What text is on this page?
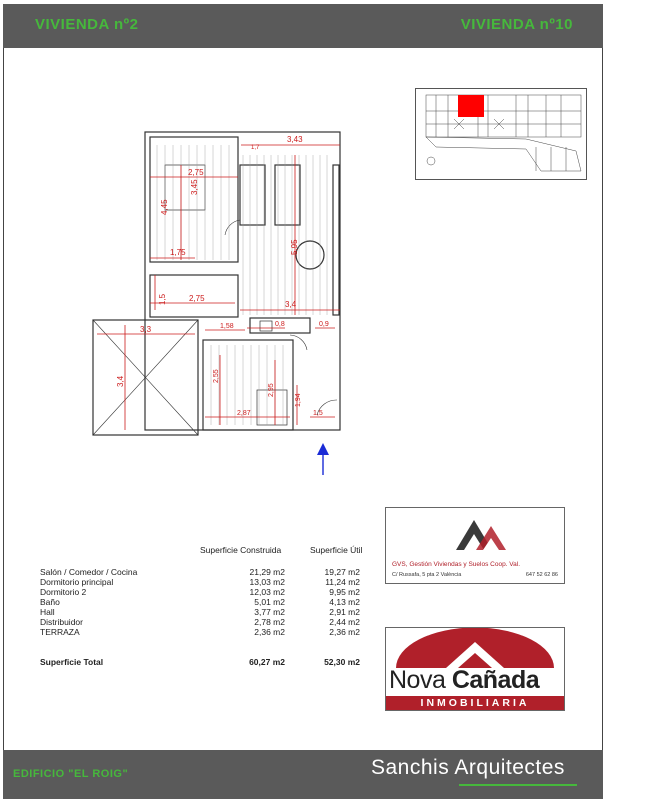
VIVIENDA nº2	VIVIENDA nº10
3,43
1,7
2,75
3,45
4,45
1,75	5,95
1,5	2,75
3,4
3,3	1,58	0,8	0,9
3,4	2,55
2,95
1,94
2,87	1,5
Superficie Construida	Superficie Útil
Salón / Comedor / Cocina	21,29 m2	19,27 m2
Dormitorio principal	13,03 m2	11,24 m2
Dormitorio 2	12,03 m2	9,95 m2
Baño	5,01 m2	4,13 m2
Hall	3,77 m2	2,91 m2
Distribuidor	2,78 m2	2,44 m2
TERRAZA	2,36 m2	2,36 m2
Superficie Total	60,27 m2	52,30 m2
GVS, Gestión Viviendas y Suelos Coop. Val.
C/ Russafa, 5 pta 2 València	647 52 62 86
Nova Cañada
INMOBILIARIA
EDIFICIO "EL ROIG"	Sanchis Arquitectes
